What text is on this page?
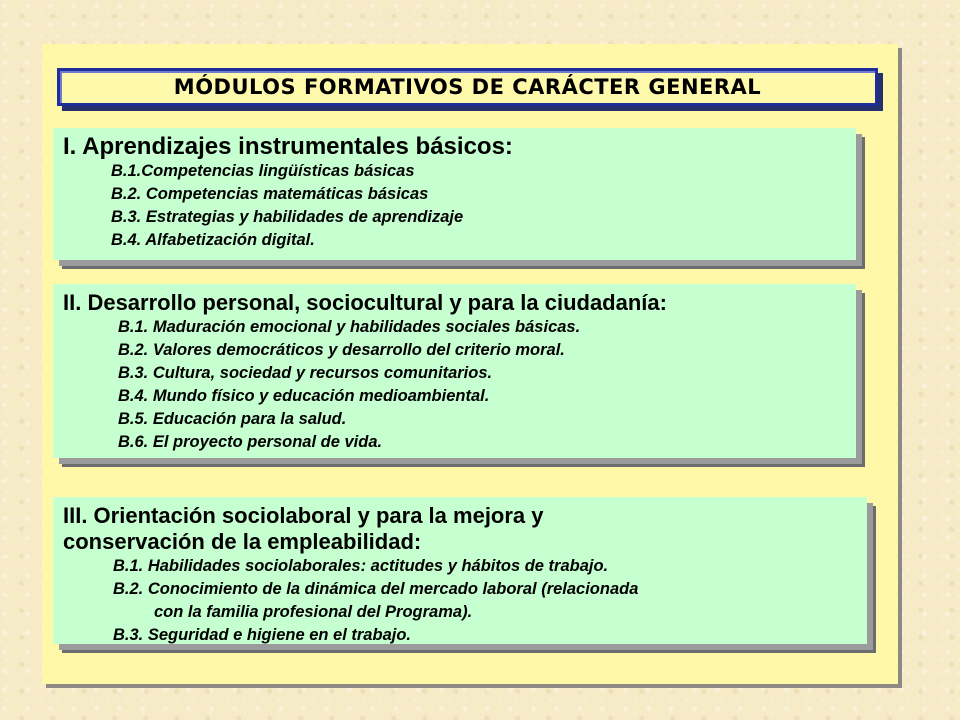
MÓDULOS FORMATIVOS DE CARÁCTER GENERAL

I. Aprendizajes instrumentales básicos:

B.1.Competencias lingüísticas básicas
B.2. Competencias matemáticas básicas
B.3. Estrategias y habilidades de aprendizaje
B.4. Alfabetización digital.

II. Desarrollo personal, sociocultural y para la ciudadanía:

B.1. Maduración emocional y habilidades sociales básicas.
B.2. Valores democráticos y desarrollo del criterio moral.
B.3. Cultura, sociedad y recursos comunitarios.
B.4. Mundo físico y educación medioambiental.
B.5. Educación para la salud.
B.6. El proyecto personal de vida.

III. Orientación sociolaboral y para la mejora y

conservación de la empleabilidad:

B.1. Habilidades sociolaborales: actitudes y hábitos de trabajo.
B.2. Conocimiento de la dinámica del mercado laboral (relacionada
con la familia profesional del Programa).
B.3. Seguridad e higiene en el trabajo.
